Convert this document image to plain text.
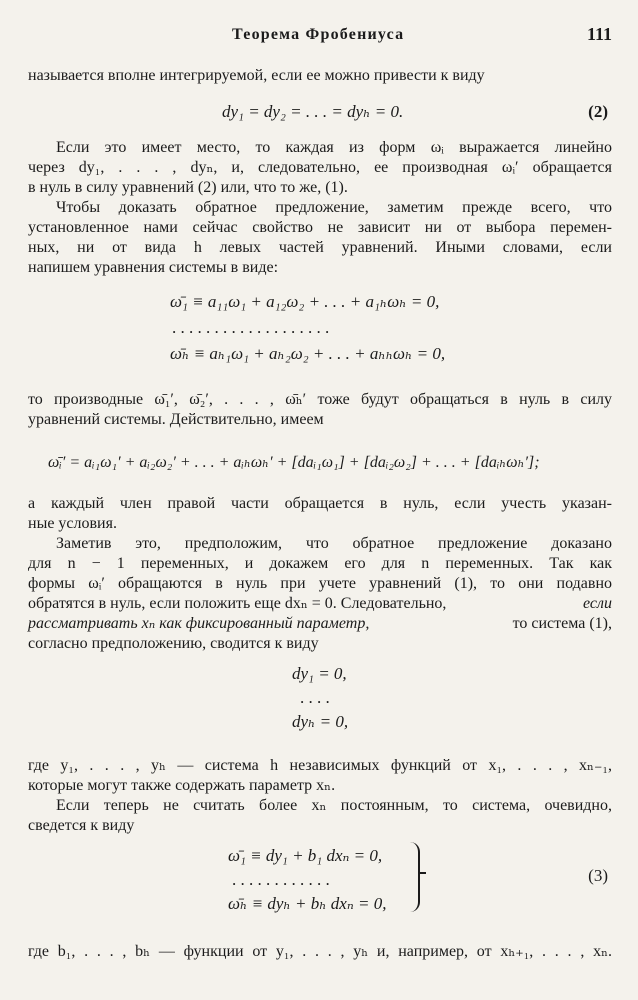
Теорема Фробениуса	111
называется вполне интегрируемой, если ее можно привести к виду
dy₁ = dy₂ = . . . = dyₕ = 0.	(2)
Если это имеет место, то каждая из форм ωᵢ выражается линейно
через dy₁, . . . , dyₙ, и, следовательно, ее производная ωᵢ′ обращается
в нуль в силу уравнений (2) или, что то же, (1).
Чтобы доказать обратное предложение, заметим прежде всего, что
установленное нами сейчас свойство не зависит ни от выбора перемен-
ных, ни от вида h левых частей уравнений. Иными словами, если
напишем уравнения системы в виде:
ω̄₁ ≡ a₁₁ω₁ + a₁₂ω₂ + . . . + a₁ₕωₕ = 0,
. . . . . . . . . . . . . . . . . . .
ω̄ₕ ≡ aₕ₁ω₁ + aₕ₂ω₂ + . . . + aₕₕωₕ = 0,
то производные ω̄₁′, ω̄₂′, . . . , ω̄ₕ′ тоже будут обращаться в нуль в силу
уравнений системы. Действительно, имеем
ω̄ᵢ′ = aᵢ₁ω₁′ + aᵢ₂ω₂′ + . . . + aᵢₕωₕ′ + [daᵢ₁ω₁] + [daᵢ₂ω₂] + . . . + [daᵢₕωₕ′];
а каждый член правой части обращается в нуль, если учесть указан-
ные условия.
Заметив это, предположим, что обратное предложение доказано
для n − 1 переменных, и докажем его для n переменных. Так как
формы ωᵢ′ обращаются в нуль при учете уравнений (1), то они подавно
обратятся в нуль, если положить еще dxₙ = 0. Следовательно,	если
рассматривать xₙ как фиксированный параметр,	то система (1),
согласно предположению, сводится к виду
dy₁ = 0,
. . . .
dyₕ = 0,
где y₁, . . . , yₕ — система h независимых функций от x₁, . . . , xₙ₋₁,
которые могут также содержать параметр xₙ.
Если теперь не считать более xₙ постоянным, то система, очевидно,
сведется к виду
ω̄₁ ≡ dy₁ + b₁ dxₙ = 0,
. . . . . . . . . . . .
ω̄ₕ ≡ dyₕ + bₕ dxₙ = 0,
(3)
где b₁, . . . , bₕ — функции от y₁, . . . , yₕ и, например, от xₕ₊₁, . . . , xₙ.
